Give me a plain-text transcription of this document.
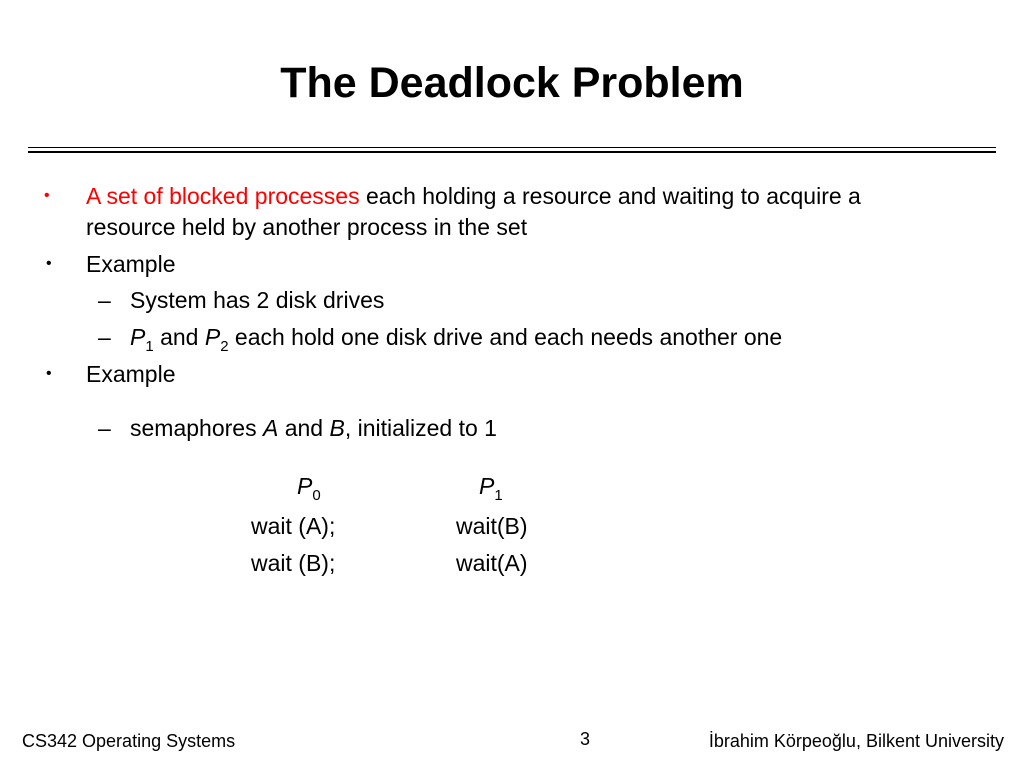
The Deadlock Problem
• A set of blocked processes each holding a resource and waiting to acquire a
resource held by another process in the set
• Example
– System has 2 disk drives
– $P_1$ and $P_2$ each hold one disk drive and each needs another one
• Example
– semaphores A and B, initialized to 1
$P_0$
wait (A);
wait (B);
$P_1$
wait(B)
wait(A)
CS342 Operating Systems	3	İbrahim Körpeoğlu, Bilkent University
